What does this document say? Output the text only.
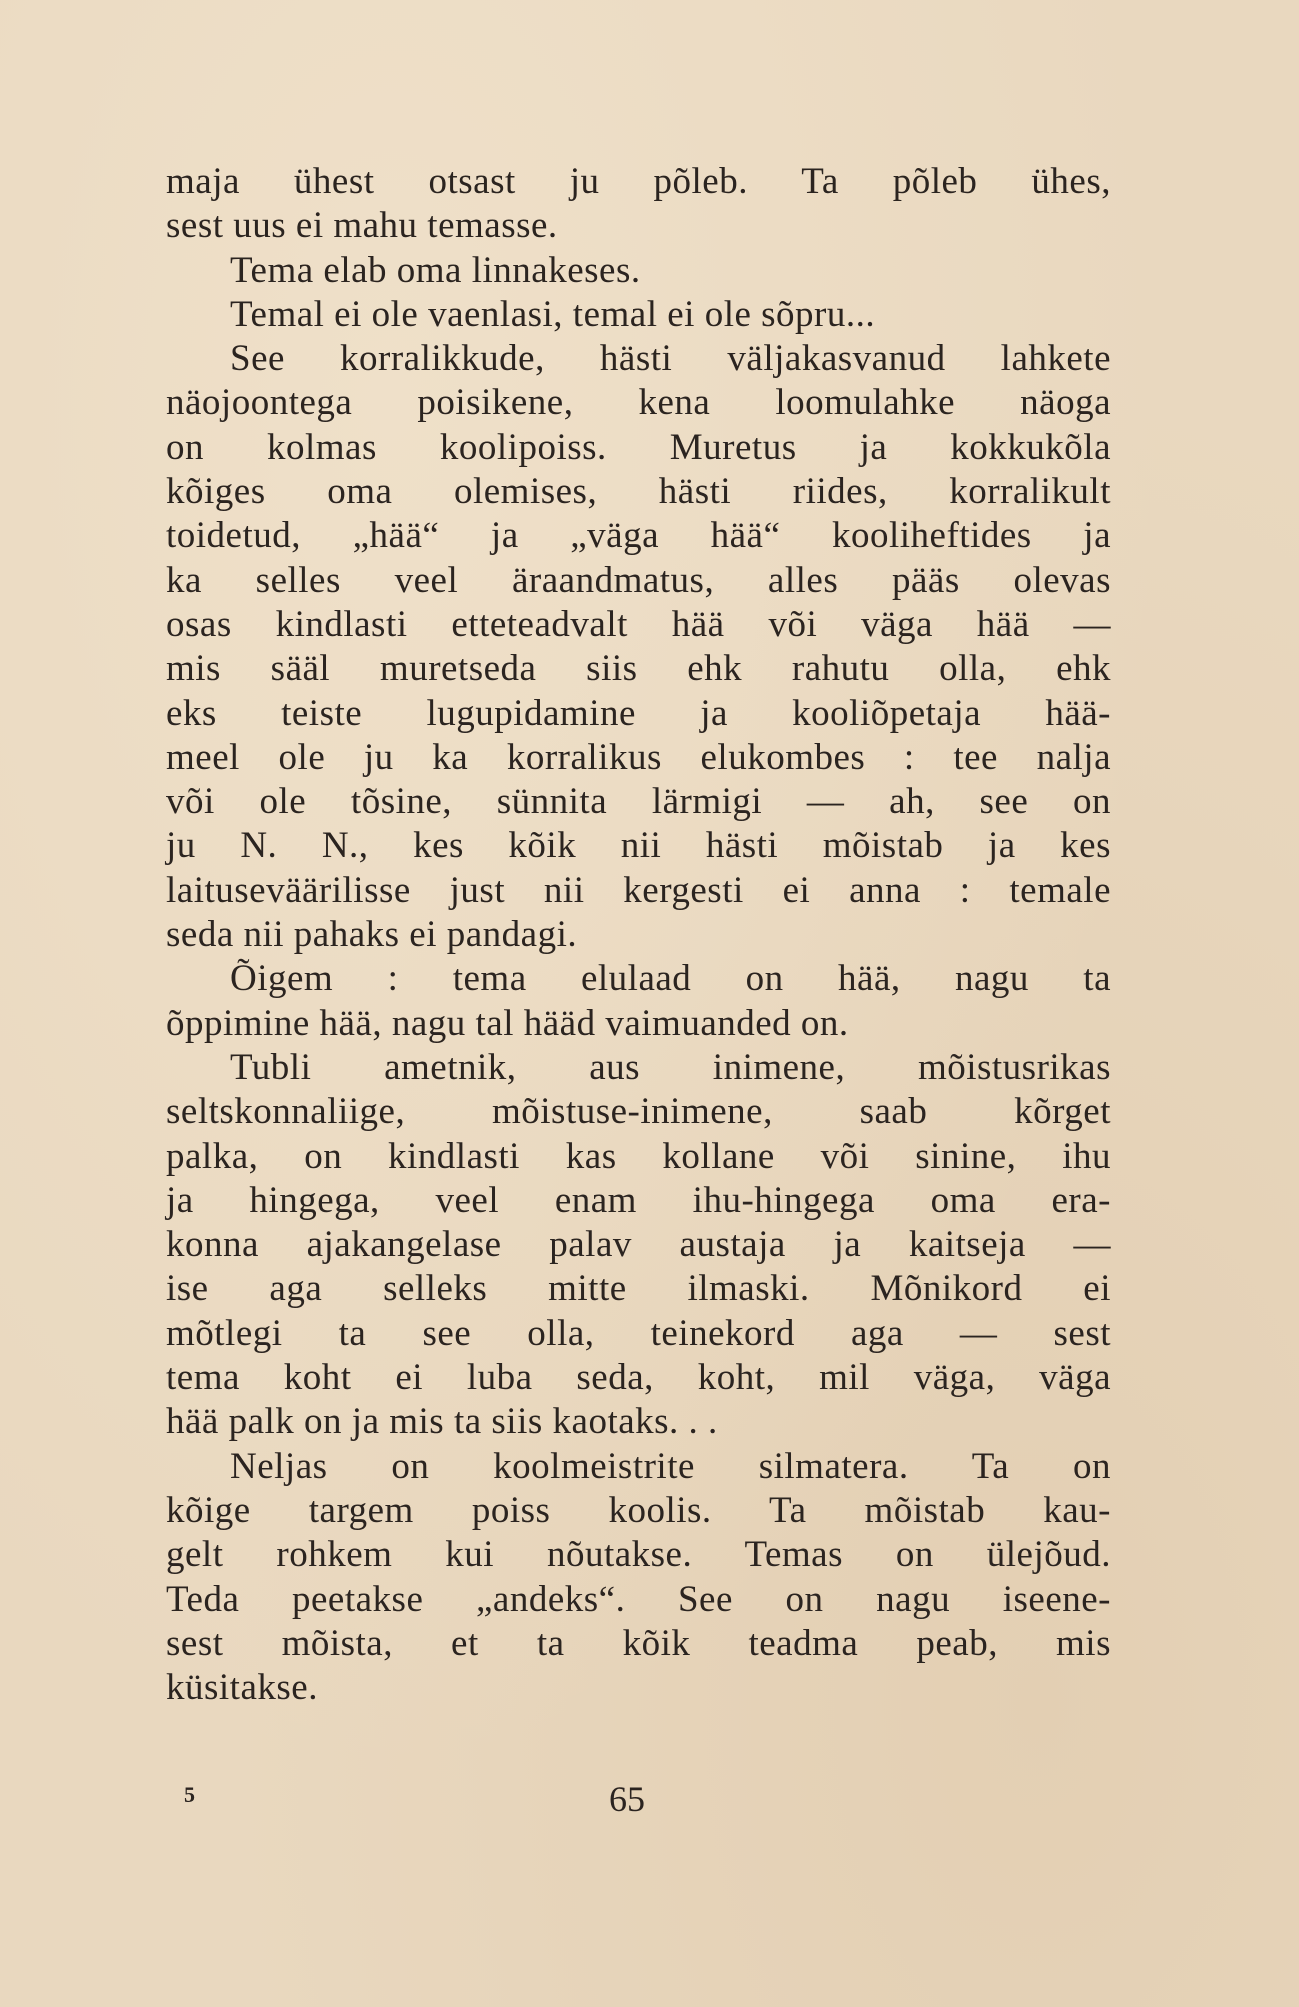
maja ühest otsast ju põleb. Ta põleb ühes,
sest uus ei mahu temasse.
Tema elab oma linnakeses.
Temal ei ole vaenlasi, temal ei ole sõpru...
See korralikkude, hästi väljakasvanud lahkete
näojoontega poisikene, kena loomulahke näoga
on kolmas koolipoiss. Muretus ja kokkukõla
kõiges oma olemises, hästi riides, korralikult
toidetud, „hää“ ja „väga hää“ kooliheftides ja
ka selles veel äraandmatus, alles pääs olevas
osas kindlasti etteteadvalt hää või väga hää —
mis sääl muretseda siis ehk rahutu olla, ehk
eks teiste lugupidamine ja kooliõpetaja hää-
meel ole ju ka korralikus elukombes : tee nalja
või ole tõsine, sünnita lärmigi — ah, see on
ju N. N., kes kõik nii hästi mõistab ja kes
laituseväärilisse just nii kergesti ei anna : temale
seda nii pahaks ei pandagi.
Õigem : tema elulaad on hää, nagu ta
õppimine hää, nagu tal hääd vaimuanded on.
Tubli ametnik, aus inimene, mõistusrikas
seltskonnaliige, mõistuse-inimene, saab kõrget
palka, on kindlasti kas kollane või sinine, ihu
ja hingega, veel enam ihu-hingega oma era-
konna ajakangelase palav austaja ja kaitseja —
ise aga selleks mitte ilmaski. Mõnikord ei
mõtlegi ta see olla, teinekord aga — sest
tema koht ei luba seda, koht, mil väga, väga
hää palk on ja mis ta siis kaotaks. . .
Neljas on koolmeistrite silmatera. Ta on
kõige targem poiss koolis. Ta mõistab kau-
gelt rohkem kui nõutakse. Temas on ülejõud.
Teda peetakse „andeks“. See on nagu iseene-
sest mõista, et ta kõik teadma peab, mis
küsitakse.
5	65
